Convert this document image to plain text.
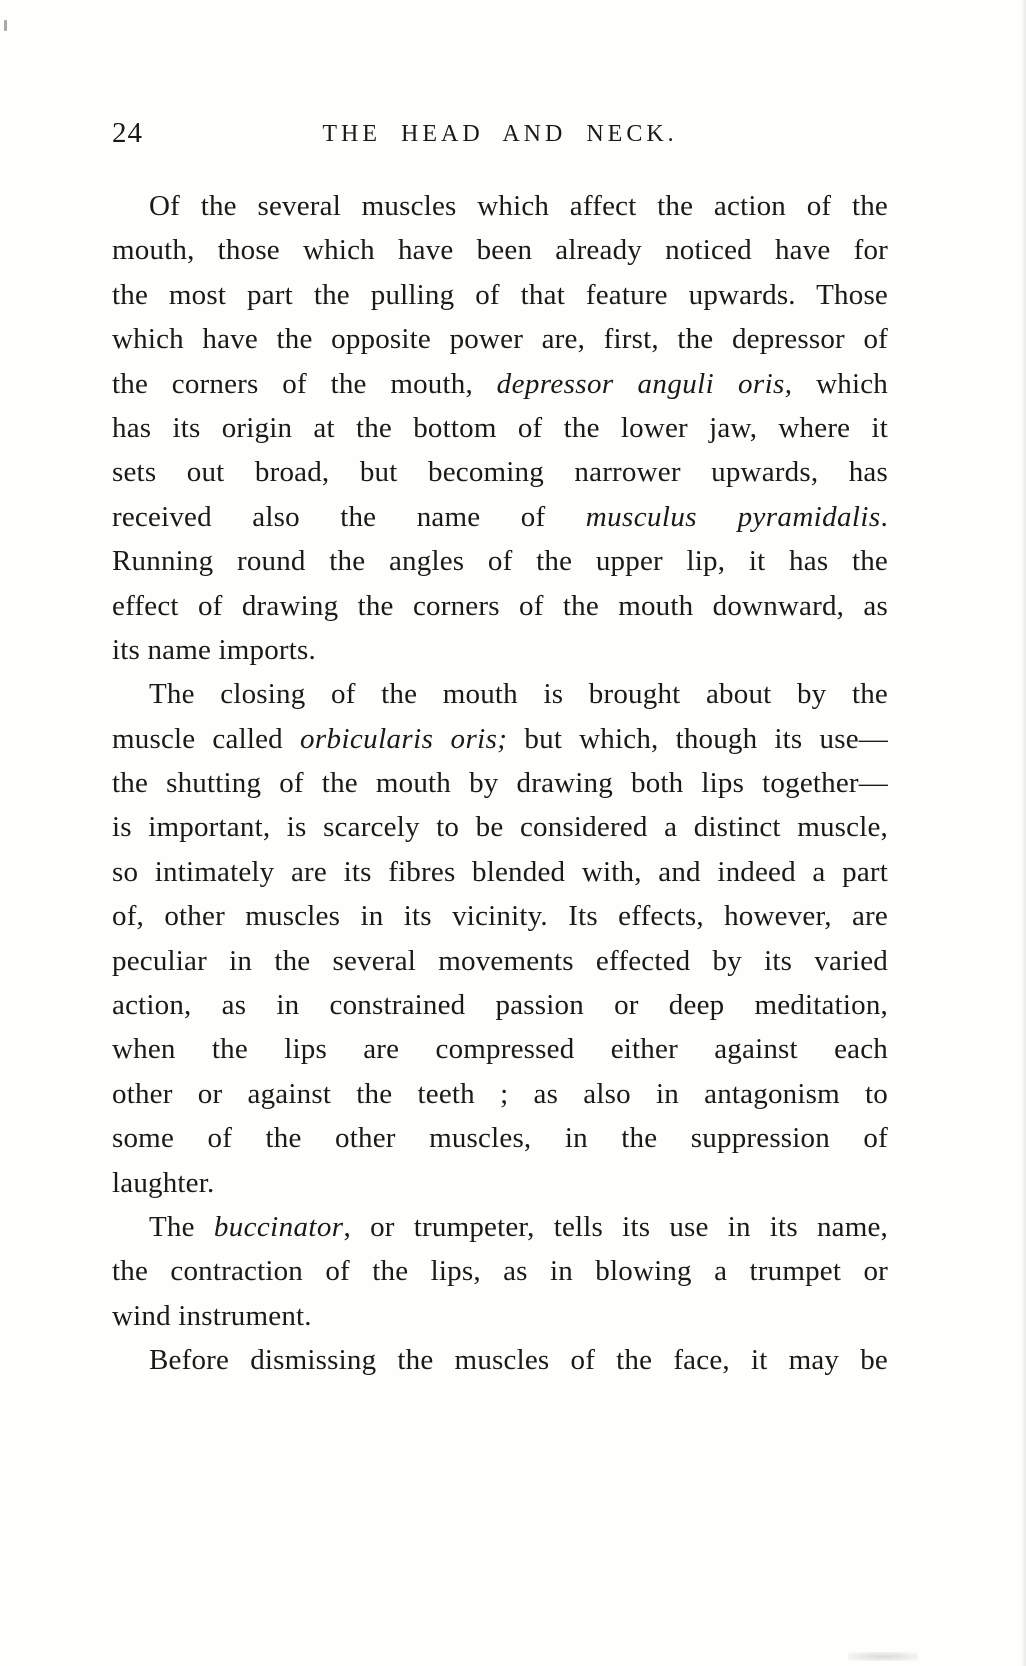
24	THE HEAD AND NECK.
Of the several muscles which affect the action of the
mouth, those which have been already noticed have for
the most part the pulling of that feature upwards. Those
which have the opposite power are, first, the depressor of
the corners of the mouth, depressor anguli oris, which
has its origin at the bottom of the lower jaw, where it
sets out broad, but becoming narrower upwards, has
received also the name of musculus pyramidalis.
Running round the angles of the upper lip, it has the
effect of drawing the corners of the mouth downward, as
its name imports.
The closing of the mouth is brought about by the
muscle called orbicularis oris; but which, though its use—
the shutting of the mouth by drawing both lips together—
is important, is scarcely to be considered a distinct muscle,
so intimately are its fibres blended with, and indeed a part
of, other muscles in its vicinity. Its effects, however, are
peculiar in the several movements effected by its varied
action, as in constrained passion or deep meditation,
when the lips are compressed either against each
other or against the teeth ; as also in antagonism to
some of the other muscles, in the suppression of
laughter.
The buccinator, or trumpeter, tells its use in its name,
the contraction of the lips, as in blowing a trumpet or
wind instrument.
Before dismissing the muscles of the face, it may be
